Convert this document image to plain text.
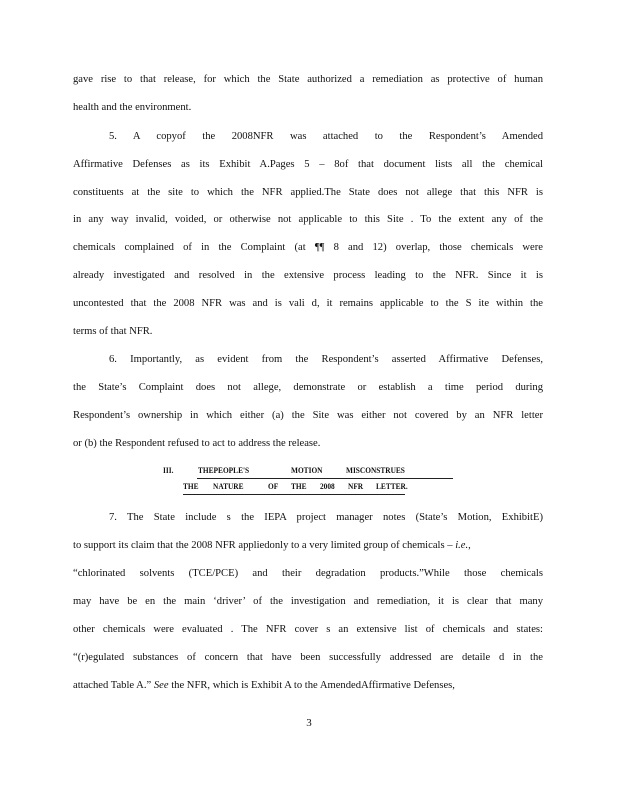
gave rise to that release, for which the State authorized a remediation as protective of human
health and the environment.
5. A copyof the 2008NFR was attached to the Respondent’s Amended
Affirmative Defenses as its Exhibit A.Pages 5 – 8of that document lists all the chemical
constituents at the site to which the NFR applied.The State does not allege that this NFR is
in any way invalid, voided, or otherwise not applicable to this Site . To the extent any of the
chemicals complained of in the Complaint (at ¶¶ 8 and 12) overlap, those chemicals were
already investigated and resolved in the extensive process leading to the NFR. Since it is
uncontested that the 2008 NFR was and is vali d, it remains applicable to the S ite within the
terms of that NFR.
6. Importantly, as evident from the Respondent’s asserted Affirmative Defenses,
the State’s Complaint does not allege, demonstrate or establish a time period during
Respondent’s ownership in which either (a) the Site was either not covered by an NFR letter
or (b) the Respondent refused to act to address the release.
III.	THEPEOPLE'S	MOTION	MISCONSTRUES
THE NATURE	OF THE 2008 NFR LETTER.
7. The State include s the IEPA project manager notes (State’s Motion, ExhibitE)
to support its claim that the 2008 NFR appliedonly to a very limited group of chemicals – i.e.,
“chlorinated solvents (TCE/PCE) and their degradation products.”While those chemicals
may have be en the main ‘driver’ of the investigation and remediation, it is clear that many
other chemicals were evaluated . The NFR cover s an extensive list of chemicals and states:
“(r)egulated substances of concern that have been successfully addressed are detaile d in the
attached Table A.” See the NFR, which is Exhibit A to the AmendedAffirmative Defenses,
3
